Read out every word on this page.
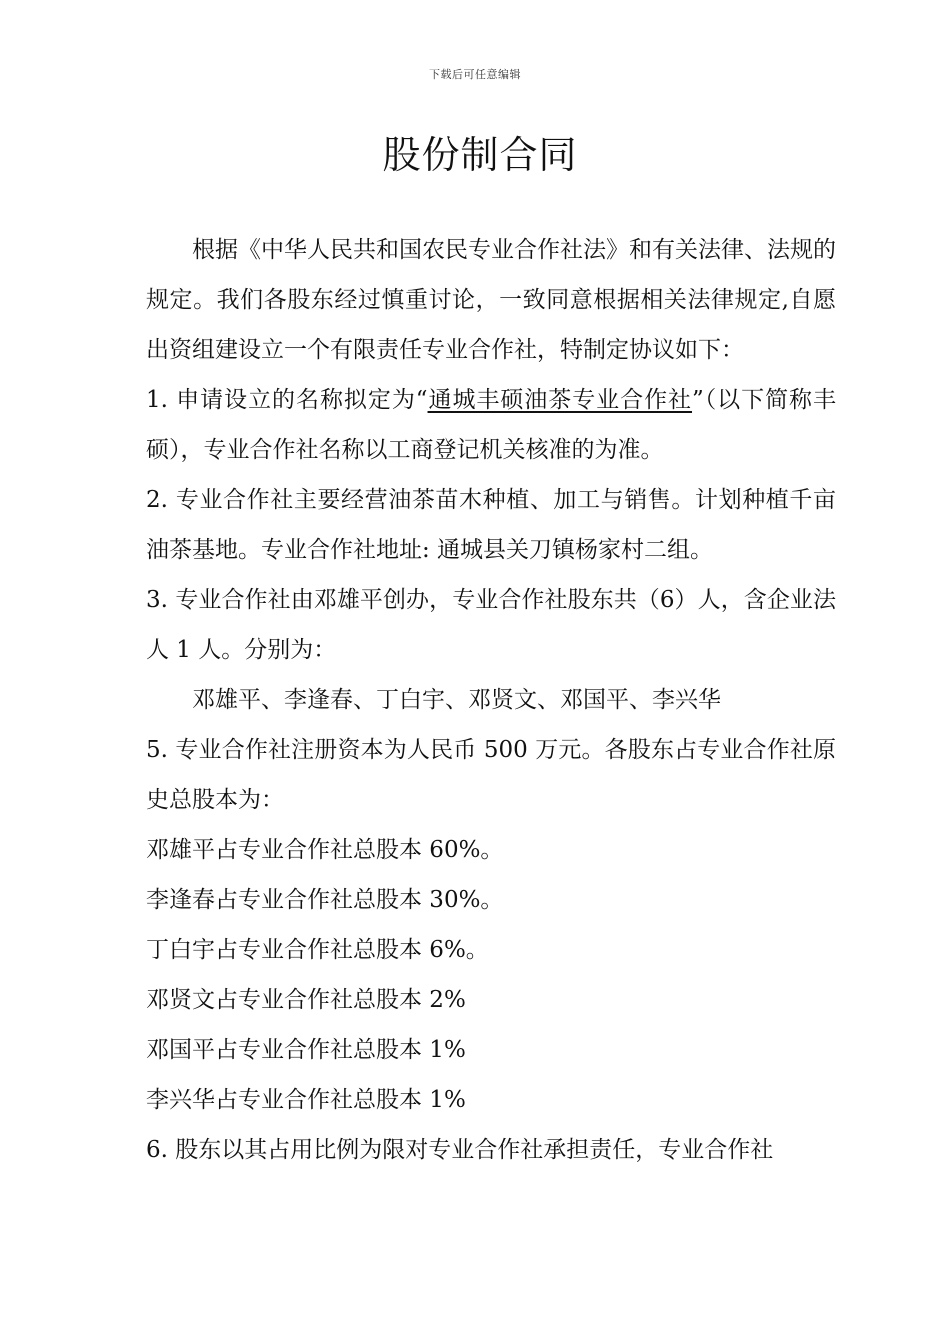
下载后可任意编辑
股份制合同

根据《中华人民共和国农民专业合作社法》和有关法律、法规的规定。我们各股东经过慎重讨论，一致同意根据相关法律规定,自愿出资组建设立一个有限责任专业合作社，特制定协议如下：

1. 申请设立的名称拟定为“通城丰硕油茶专业合作社”（以下简称丰硕），专业合作社名称以工商登记机关核准的为准。

2. 专业合作社主要经营油茶苗木种植、加工与销售。计划种植千亩油茶基地。专业合作社地址: 通城县关刀镇杨家村二组。

3. 专业合作社由邓雄平创办，专业合作社股东共（6）人，含企业法人 1 人。分别为：

邓雄平、李逢春、丁白宇、邓贤文、邓国平、李兴华

5. 专业合作社注册资本为人民币 500 万元。各股东占专业合作社原史总股本为：

邓雄平占专业合作社总股本 60%。
李逢春占专业合作社总股本 30%。
丁白宇占专业合作社总股本 6%。
邓贤文占专业合作社总股本 2%
邓国平占专业合作社总股本 1%
李兴华占专业合作社总股本 1%

6. 股东以其占用比例为限对专业合作社承担责任，专业合作社
